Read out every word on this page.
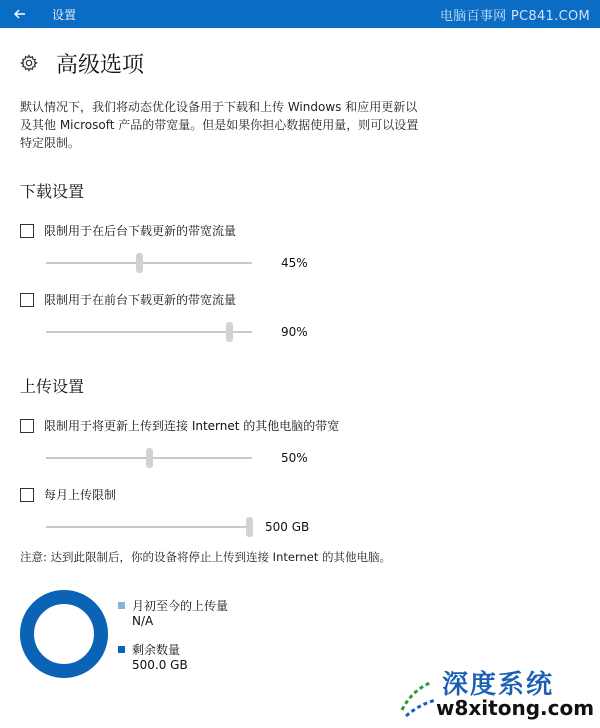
设置	电脑百事网 PC841.COM
高级选项
默认情况下，我们将动态优化设备用于下载和上传 Windows 和应用更新以及其他 Microsoft 产品的带宽量。但是如果你担心数据使用量，则可以设置特定限制。
下载设置
限制用于在后台下载更新的带宽流量
45%
限制用于在前台下载更新的带宽流量
90%
上传设置
限制用于将更新上传到连接 Internet 的其他电脑的带宽
50%
每月上传限制
500 GB
注意: 达到此限制后，你的设备将停止上传到连接 Internet 的其他电脑。
月初至今的上传量
N/A
剩余数量
500.0 GB
深度系统
w8xitong.com
